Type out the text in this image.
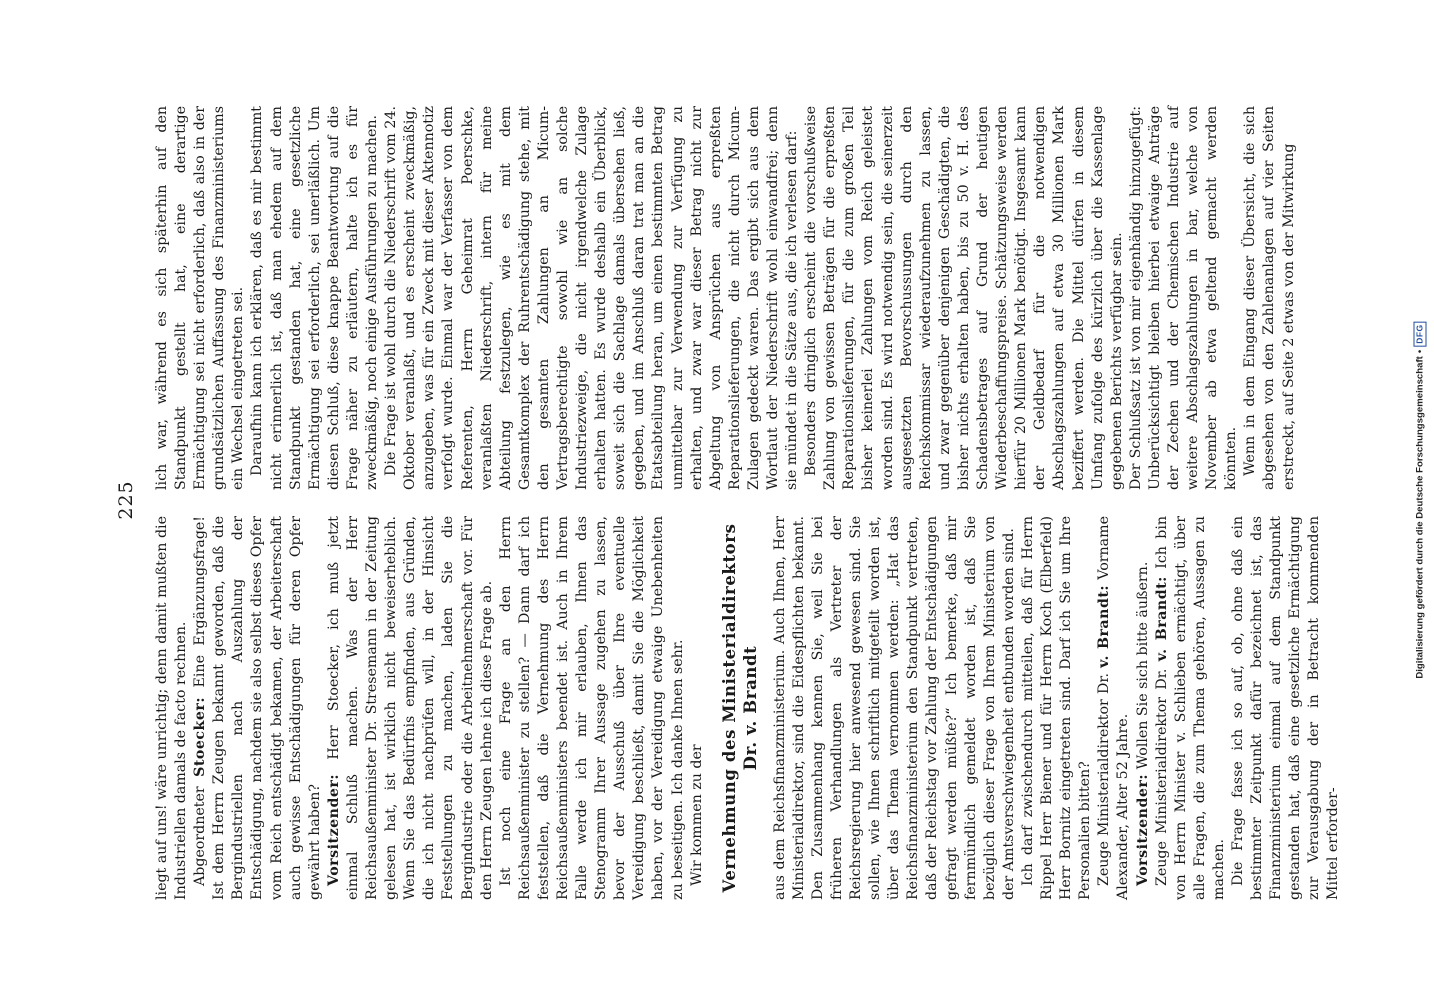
225

liegt auf uns! wäre unrichtig; denn damit mußten die Industriellen damals de facto rechnen. Abgeordneter Stoecker: Eine Ergänzungsfrage! Ist dem Herrn Zeugen bekannt geworden, daß die Bergindustriellen nach Auszahlung der Entschädigung, nachdem sie also selbst dieses Opfer vom Reich entschädigt bekamen, der Arbeiterschaft auch gewisse Entschädigungen für deren Opfer gewährt haben? Vorsitzender: Herr Stoecker, ich muß jetzt einmal Schluß machen. Was der Herr Reichsaußenminister Dr. Stresemann in der Zeitung gelesen hat, ist wirklich nicht beweiserheblich. Wenn Sie das Bedürfnis empfinden, aus Gründen, die ich nicht nachprüfen will, in der Hinsicht Feststellungen zu machen, laden Sie die Bergindustrie oder die Arbeitnehmerschaft vor. Für den Herrn Zeugen lehne ich diese Frage ab. Ist noch eine Frage an den Herrn Reichsaußenminister zu stellen? — Dann darf ich feststellen, daß die Vernehmung des Herrn Reichsaußenministers beendet ist. Auch in Ihrem Falle werde ich mir erlauben, Ihnen das Stenogramm Ihrer Aussage zugehen zu lassen, bevor der Ausschuß über Ihre eventuelle Vereidigung beschließt, damit Sie die Möglichkeit haben, vor der Vereidigung etwaige Unebenheiten zu beseitigen. Ich danke Ihnen sehr. Wir kommen zu der Vernehmung des Ministerialdirektors Dr. v. Brandt aus dem Reichsfinanzministerium. Auch Ihnen, Herr Ministerialdirektor, sind die Eidespflichten bekannt. Den Zusammenhang kennen Sie, weil Sie bei früheren Verhandlungen als Vertreter der Reichsregierung hier anwesend gewesen sind. Sie sollen, wie Ihnen schriftlich mitgeteilt worden ist, über das Thema vernommen werden: „Hat das Reichsfinanzministerium den Standpunkt vertreten, daß der Reichstag vor Zahlung der Entschädigungen gefragt werden müßte?“ Ich bemerke, daß mir fernmündlich gemeldet worden ist, daß Sie bezüglich dieser Frage von Ihrem Ministerium von der Amtsverschwiegenheit entbunden worden sind. Ich darf zwischendurch mitteilen, daß für Herrn Rippel Herr Biener und für Herrn Koch (Elberfeld) Herr Bornitz eingetreten sind. Darf ich Sie um Ihre Personalien bitten? Zeuge Ministerialdirektor Dr. v. Brandt: Vorname Alexander, Alter 52 Jahre. Vorsitzender: Wollen Sie sich bitte äußern. Zeuge Ministerialdirektor Dr. v. Brandt: Ich bin von Herrn Minister v. Schlieben ermächtigt, über alle Fragen, die zum Thema gehören, Aussagen zu machen. Die Frage fasse ich so auf, ob, ohne daß ein bestimmter Zeitpunkt dafür bezeichnet ist, das Finanzministerium einmal auf dem Standpunkt gestanden hat, daß eine gesetzliche Ermächtigung zur Verausgabung der in Betracht kommenden Mittel erforder-

lich war, während es sich späterhin auf den Standpunkt gestellt hat, eine derartige Ermächtigung sei nicht erforderlich, daß also in der grundsätzlichen Auffassung des Finanzministeriums ein Wechsel eingetreten sei. Daraufhin kann ich erklären, daß es mir bestimmt nicht erinnerlich ist, daß man ehedem auf dem Standpunkt gestanden hat, eine gesetzliche Ermächtigung sei erforderlich, sei unerläßlich. Um diesen Schluß, diese knappe Beantwortung auf die Frage näher zu erläutern, halte ich es für zweckmäßig, noch einige Ausführungen zu machen. Die Frage ist wohl durch die Niederschrift vom 24. Oktober veranlaßt, und es erscheint zweckmäßig, anzugeben, was für ein Zweck mit dieser Aktennotiz verfolgt wurde. Einmal war der Verfasser von dem Referenten, Herrn Geheimrat Poerschke, veranlaßten Niederschrift, intern für meine Abteilung festzulegen, wie es mit dem Gesamtkomplex der Ruhrentschädigung stehe, mit den gesamten Zahlungen an Micum-Vertragsberechtigte sowohl wie an solche Industriezweige, die nicht irgendwelche Zulage erhalten hatten. Es wurde deshalb ein Überblick, soweit sich die Sachlage damals übersehen ließ, gegeben, und im Anschluß daran trat man an die Etatsabteilung heran, um einen bestimmten Betrag unmittelbar zur Verwendung zur Verfügung zu erhalten, und zwar war dieser Betrag nicht zur Abgeltung von Ansprüchen aus erpreßten Reparationslieferungen, die nicht durch Micum-Zulagen gedeckt waren. Das ergibt sich aus dem Wortlaut der Niederschrift wohl einwandfrei; denn sie mündet in die Sätze aus, die ich verlesen darf: Besonders dringlich erscheint die vorschußweise Zahlung von gewissen Beträgen für die erpreßten Reparationslieferungen, für die zum großen Teil bisher keinerlei Zahlungen vom Reich geleistet worden sind. Es wird notwendig sein, die seinerzeit ausgesetzten Bevorschussungen durch den Reichskommissar wiederaufzunehmen zu lassen, und zwar gegenüber denjenigen Geschädigten, die bisher nichts erhalten haben, bis zu 50 v. H. des Schadensbetrages auf Grund der heutigen Wiederbeschaffungspreise. Schätzungsweise werden hierfür 20 Millionen Mark benötigt. Insgesamt kann der Geldbedarf für die notwendigen Abschlagszahlungen auf etwa 30 Millionen Mark beziffert werden. Die Mittel dürfen in diesem Umfang zufolge des kürzlich über die Kassenlage gegebenen Berichts verfügbar sein. Der Schlußsatz ist von mir eigenhändig hinzugefügt: Unberücksichtigt bleiben hierbei etwaige Anträge der Zechen und der Chemischen Industrie auf weitere Abschlagszahlungen in bar, welche von November ab etwa geltend gemacht werden könnten. Wenn in dem Eingang dieser Übersicht, die sich abgesehen von den Zahlenanlagen auf vier Seiten erstreckt, auf Seite 2 etwas von der Mitwirkung

Digitalisierung gefördert durch die Deutsche Forschungsgemeinschaft
•
DFG
